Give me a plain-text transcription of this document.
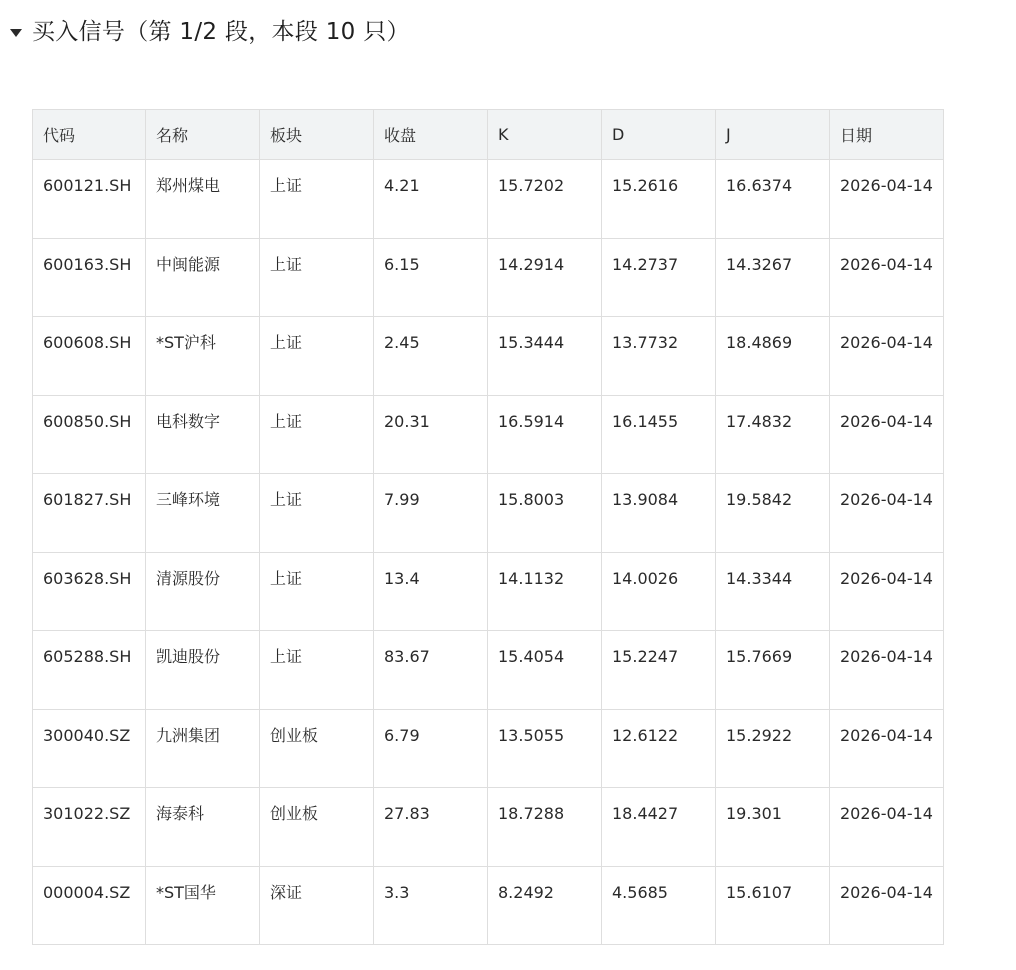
买入信号（第 1/2 段，本段 10 只）
代码	名称	板块	收盘	K	D	J	日期
600121.SH	郑州煤电	上证	4.21	15.7202	15.2616	16.6374	2026-04-14
600163.SH	中闽能源	上证	6.15	14.2914	14.2737	14.3267	2026-04-14
600608.SH	*ST沪科	上证	2.45	15.3444	13.7732	18.4869	2026-04-14
600850.SH	电科数字	上证	20.31	16.5914	16.1455	17.4832	2026-04-14
601827.SH	三峰环境	上证	7.99	15.8003	13.9084	19.5842	2026-04-14
603628.SH	清源股份	上证	13.4	14.1132	14.0026	14.3344	2026-04-14
605288.SH	凯迪股份	上证	83.67	15.4054	15.2247	15.7669	2026-04-14
300040.SZ	九洲集团	创业板	6.79	13.5055	12.6122	15.2922	2026-04-14
301022.SZ	海泰科	创业板	27.83	18.7288	18.4427	19.301	2026-04-14
000004.SZ	*ST国华	深证	3.3	8.2492	4.5685	15.6107	2026-04-14
